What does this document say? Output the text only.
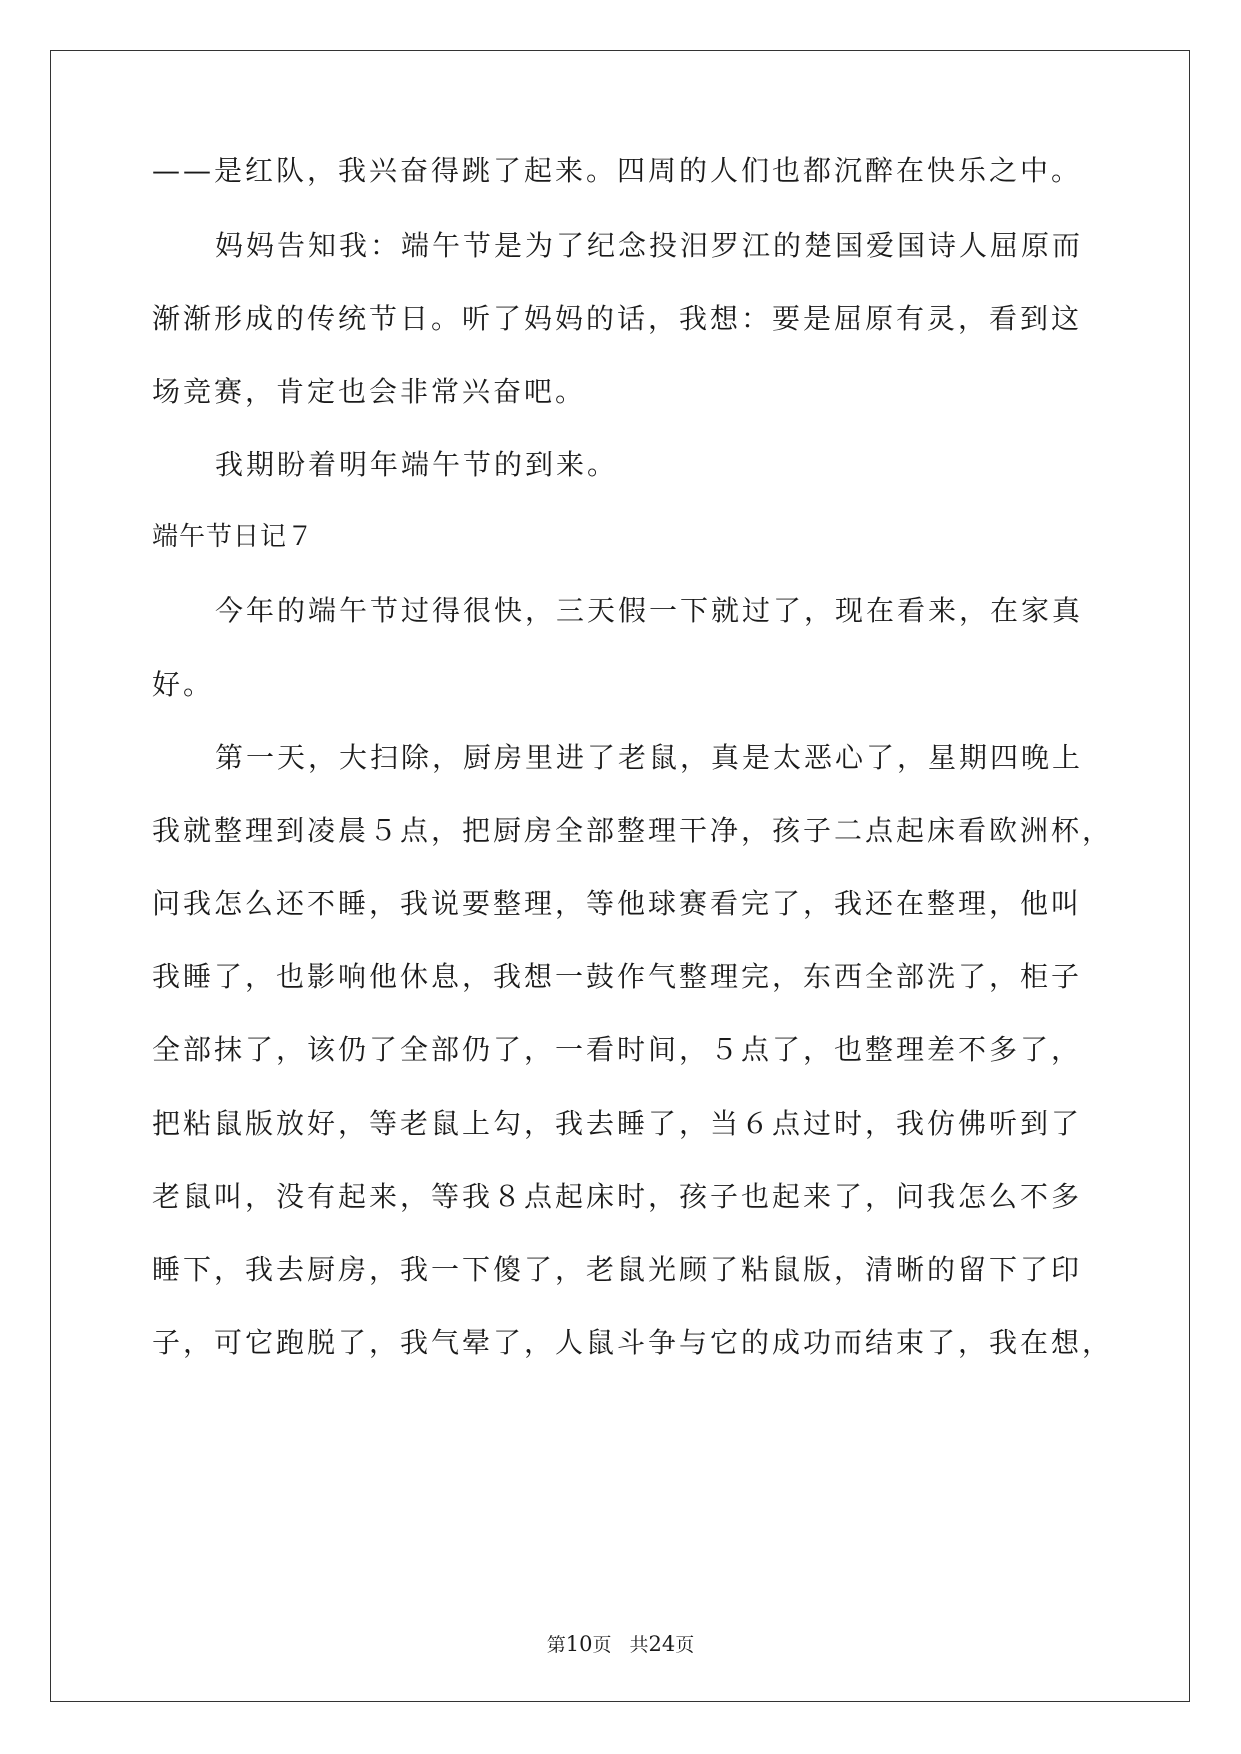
——是红队，我兴奋得跳了起来。四周的人们也都沉醉在快乐之中。
妈妈告知我：端午节是为了纪念投汨罗江的楚国爱国诗人屈原而
渐渐形成的传统节日。听了妈妈的话，我想：要是屈原有灵，看到这
场竞赛，肯定也会非常兴奋吧。
我期盼着明年端午节的到来。
端午节日记７
今年的端午节过得很快，三天假一下就过了，现在看来，在家真
好。
第一天，大扫除，厨房里进了老鼠，真是太恶心了，星期四晚上
我就整理到凌晨５点，把厨房全部整理干净，孩子二点起床看欧洲杯，
问我怎么还不睡，我说要整理，等他球赛看完了，我还在整理，他叫
我睡了，也影响他休息，我想一鼓作气整理完，东西全部洗了，柜子
全部抹了，该仍了全部仍了，一看时间，５点了，也整理差不多了，
把粘鼠版放好，等老鼠上勾，我去睡了，当６点过时，我仿佛听到了
老鼠叫，没有起来，等我８点起床时，孩子也起来了，问我怎么不多
睡下，我去厨房，我一下傻了，老鼠光顾了粘鼠版，清晰的留下了印
子，可它跑脱了，我气晕了，人鼠斗争与它的成功而结束了，我在想，
第10页 共24页
